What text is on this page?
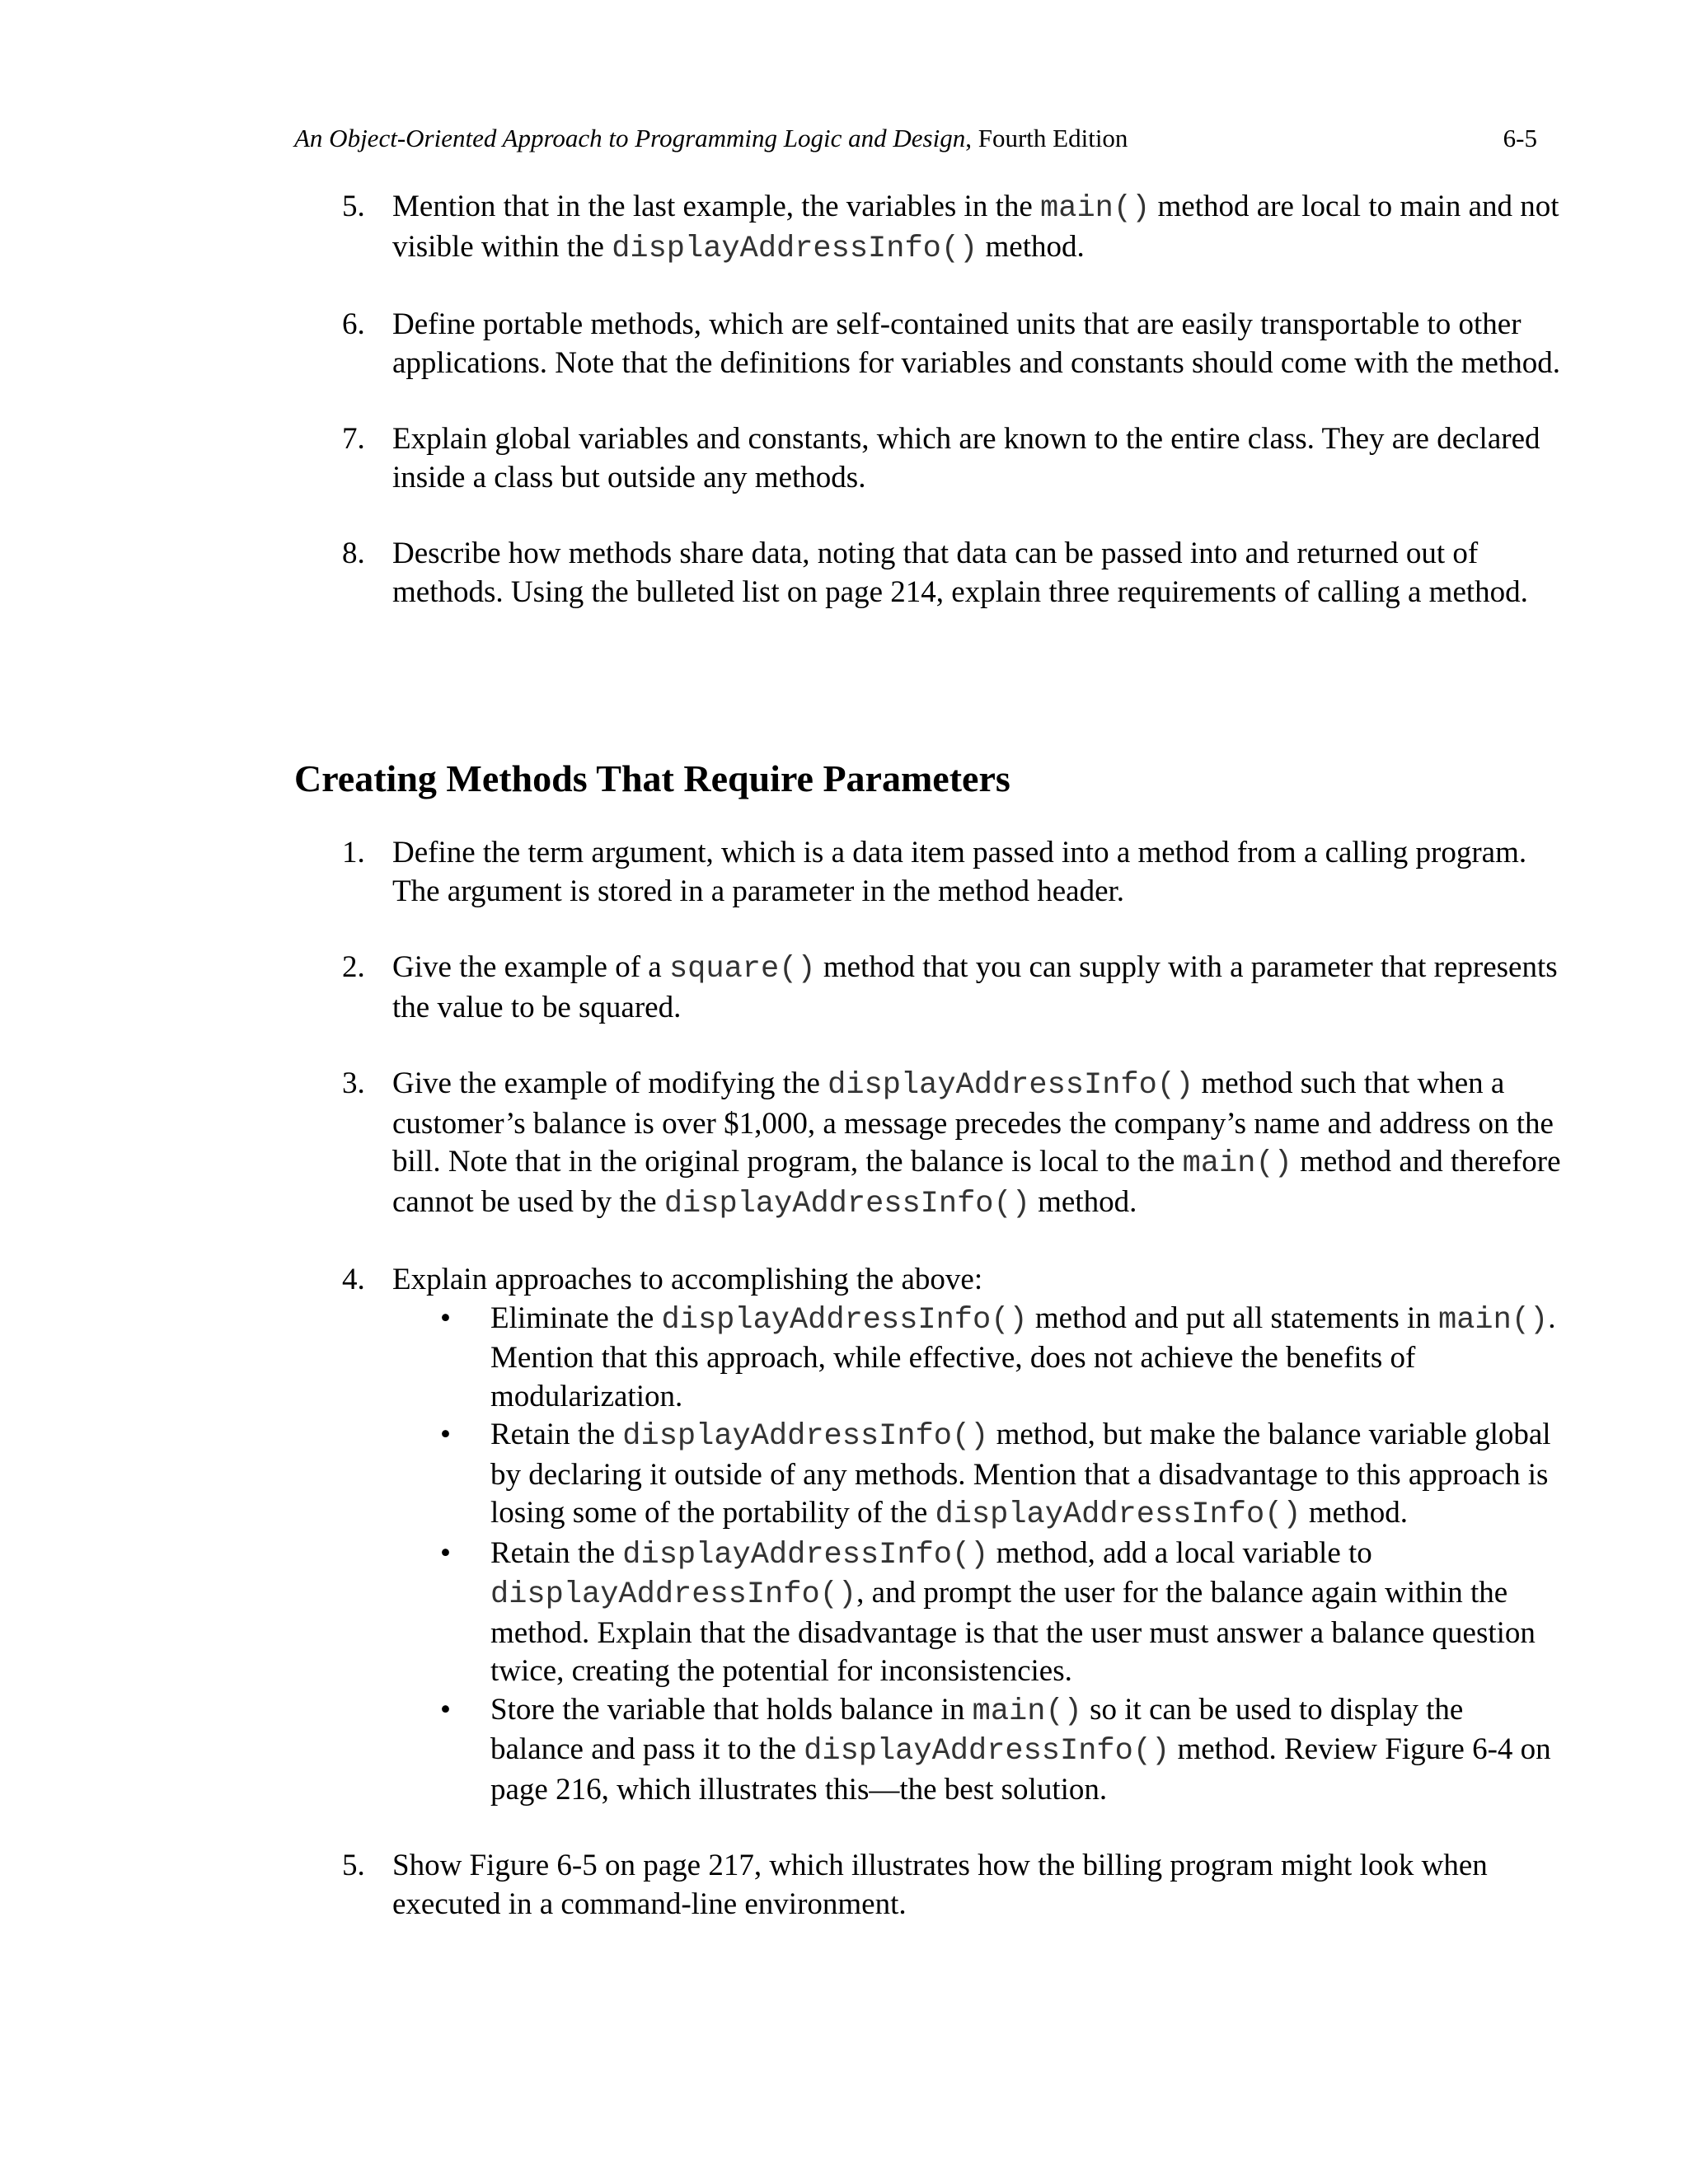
An Object-Oriented Approach to Programming Logic and Design, Fourth Edition	6-5
5. Mention that in the last example, the variables in the main() method are local to main and not visible within the displayAddressInfo() method.
6. Define portable methods, which are self-contained units that are easily transportable to other applications. Note that the definitions for variables and constants should come with the method.
7. Explain global variables and constants, which are known to the entire class. They are declared inside a class but outside any methods.
8. Describe how methods share data, noting that data can be passed into and returned out of methods. Using the bulleted list on page 214, explain three requirements of calling a method.
Creating Methods That Require Parameters
1. Define the term argument, which is a data item passed into a method from a calling program. The argument is stored in a parameter in the method header.
2. Give the example of a square() method that you can supply with a parameter that represents the value to be squared.
3. Give the example of modifying the displayAddressInfo() method such that when a customer’s balance is over $1,000, a message precedes the company’s name and address on the bill. Note that in the original program, the balance is local to the main() method and therefore cannot be used by the displayAddressInfo() method.
4. Explain approaches to accomplishing the above:
• Eliminate the displayAddressInfo() method and put all statements in main(). Mention that this approach, while effective, does not achieve the benefits of modularization.
• Retain the displayAddressInfo() method, but make the balance variable global by declaring it outside of any methods. Mention that a disadvantage to this approach is losing some of the portability of the displayAddressInfo() method.
• Retain the displayAddressInfo() method, add a local variable to displayAddressInfo(), and prompt the user for the balance again within the method. Explain that the disadvantage is that the user must answer a balance question twice, creating the potential for inconsistencies.
• Store the variable that holds balance in main() so it can be used to display the balance and pass it to the displayAddressInfo() method. Review Figure 6-4 on page 216, which illustrates this—the best solution.
5. Show Figure 6-5 on page 217, which illustrates how the billing program might look when executed in a command-line environment.
